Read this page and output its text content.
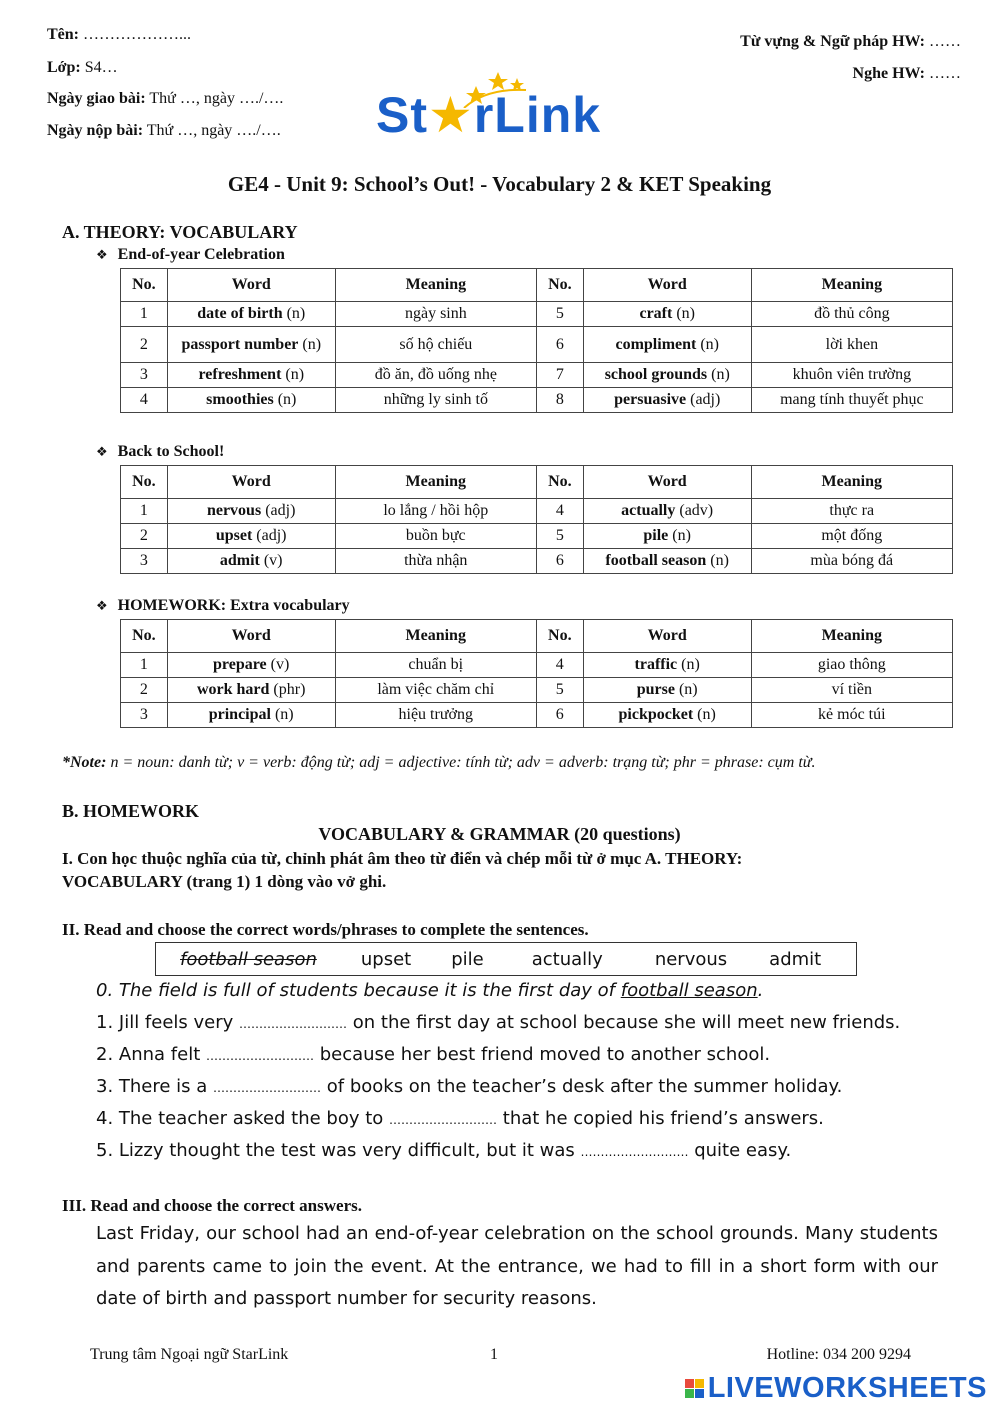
Tên: ………………...
Lớp: S4…
Ngày giao bài: Thứ …, ngày …./….
Ngày nộp bài: Thứ …, ngày …./….
Từ vựng & Ngữ pháp HW: ……
Nghe HW: ……
St★rLink
GE4 - Unit 9: School’s Out! - Vocabulary 2 & KET Speaking
A. THEORY: VOCABULARY
❖ End-of-year Celebration
No.	Word	Meaning	No.	Word	Meaning
1	date of birth (n)	ngày sinh	5	craft (n)	đồ thủ công
2	passport number (n)	số hộ chiếu	6	compliment (n)	lời khen
3	refreshment (n)	đồ ăn, đồ uống nhẹ	7	school grounds (n)	khuôn viên trường
4	smoothies (n)	những ly sinh tố	8	persuasive (adj)	mang tính thuyết phục
❖ Back to School!
No.	Word	Meaning	No.	Word	Meaning
1	nervous (adj)	lo lắng / hồi hộp	4	actually (adv)	thực ra
2	upset (adj)	buồn bực	5	pile (n)	một đống
3	admit (v)	thừa nhận	6	football season (n)	mùa bóng đá
❖ HOMEWORK: Extra vocabulary
No.	Word	Meaning	No.	Word	Meaning
1	prepare (v)	chuẩn bị	4	traffic (n)	giao thông
2	work hard (phr)	làm việc chăm chỉ	5	purse (n)	ví tiền
3	principal (n)	hiệu trưởng	6	pickpocket (n)	kẻ móc túi
*Note: n = noun: danh từ; v = verb: động từ; adj = adjective: tính từ; adv = adverb: trạng từ; phr = phrase: cụm từ.
B. HOMEWORK
VOCABULARY & GRAMMAR (20 questions)
I. Con học thuộc nghĩa của từ, chỉnh phát âm theo từ điển và chép mỗi từ ở mục A. THEORY:
VOCABULARY (trang 1) 1 dòng vào vở ghi.
II. Read and choose the correct words/phrases to complete the sentences.
football season upset pile	actually	nervous admit
0. The field is full of students because it is the first day of football season.
1. Jill feels very ……………………… on the first day at school because she will meet new friends.
2. Anna felt ……………………… because her best friend moved to another school.
3. There is a ……………………… of books on the teacher’s desk after the summer holiday.
4. The teacher asked the boy to ……………………… that he copied his friend’s answers.
5. Lizzy thought the test was very difficult, but it was ……………………… quite easy.
III. Read and choose the correct answers.
Last Friday, our school had an end-of-year celebration on the school grounds. Many students and parents came to join the event. At the entrance, we had to fill in a short form with our date of birth and passport number for security reasons.
Trung tâm Ngoại ngữ StarLink	1	Hotline: 034 200 9294
LIVEWORKSHEETS
